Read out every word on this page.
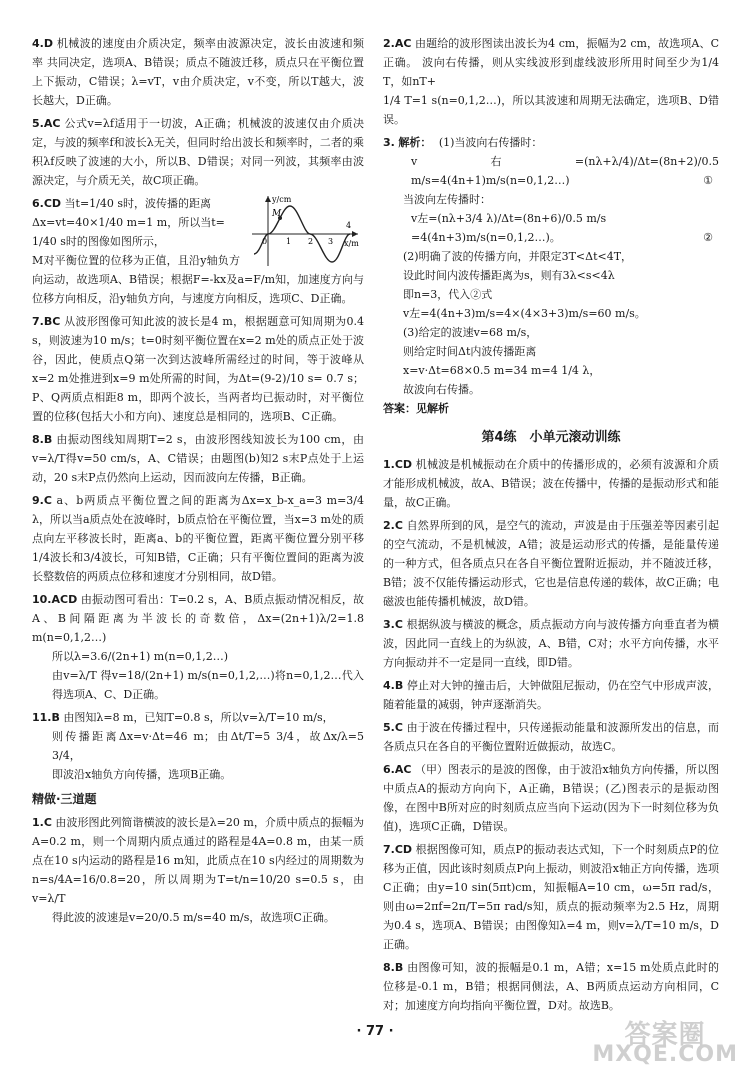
4.D 机械波的速度由介质决定，频率由波源决定，波长由波速和频率 共同决定，选项A、B错误；质点不随波迁移，质点只在平衡位置上下振动，C错误；λ=vT，v由介质决定，v不变，所以T越大，波长越大，D正确。
5.AC 公式v=λf适用于一切波，A正确；机械波的波速仅由介质决定，与波的频率f和波长λ无关，但同时给出波长和频率时，二者的乘积λf反映了波速的大小，所以B、D错误；对同一列波，其频率由波源决定，与介质无关，故C项正确。
M
y/cm
x/m
0 1 2 3
4
6.CD 当t=1/40 s时，波传播的距离
Δx=vt=40×1/40 m=1 m，所以当t=
1/40 s时的图像如图所示，
M对平衡位置的位移为正值，且沿y轴负方向运动，故选项A、B错误；根据F=-kx及a=F/m知，加速度方向与位移方向相反，沿y轴负方向，与速度方向相反，选项C、D正确。
7.BC 从波形图像可知此波的波长是4 m，根据题意可知周期为0.4 s，则波速为10 m/s；t=0时刻平衡位置在x=2 m处的质点正处于波谷，因此，使质点Q第一次到达波峰所需经过的时间，等于波峰从x=2 m处推进到x=9 m处所需的时间，为Δt=(9-2)/10 s= 0.7 s；P、Q两质点相距8 m，即两个波长，当两者均已振动时，对平衡位置的位移(包括大小和方向)、速度总是相同的，选项B、C正确。
8.B 由振动图线知周期T=2 s，由波形图线知波长为100 cm，由v=λ/T得v=50 cm/s，A、C错误；由题图(b)知2 s末P点处于上运动，20 s末P点仍然向上运动，因而波向左传播，B正确。
9.C a、b两质点平衡位置之间的距离为Δx=x_b-x_a=3 m=3/4 λ，所以当a质点处在波峰时，b质点恰在平衡位置，当x=3 m处的质点向左平移波长时，距离a、b的平衡位置，距离平衡位置分别平移1/4波长和3/4波长，可知B错，C正确；只有平衡位置间的距离为波长整数倍的两质点位移和速度才分别相同，故D错。
10.ACD 由振动图可看出：T=0.2 s，A、B质点振动情况相反，故A、B间隔距离为半波长的奇数倍，Δx=(2n+1)λ/2=1.8 m(n=0,1,2…)
所以λ=3.6/(2n+1) m(n=0,1,2…)
由v=λ/T 得v=18/(2n+1) m/s(n=0,1,2,…)将n=0,1,2…代入得选项A、C、D正确。
11.B 由图知λ=8 m，已知T=0.8 s，所以v=λ/T=10 m/s，
则传播距离Δx=v·Δt=46 m；由Δt/T=5 3/4，故Δx/λ=5 3/4，
即波沿x轴负方向传播，选项B正确。
精做·三道题
1.C 由波形图此列简谐横波的波长是λ=20 m，介质中质点的振幅为A=0.2 m，则一个周期内质点通过的路程是4A=0.8 m，由某一质点在10 s内运动的路程是16 m知，此质点在10 s内经过的周期数为n=s/4A=16/0.8=20，所以周期为T=t/n=10/20 s=0.5 s，由v=λ/T
得此波的波速是v=20/0.5 m/s=40 m/s，故选项C正确。
2.AC 由题给的波形图读出波长为4 cm，振幅为2 cm，故选项A、C正确。 波向右传播，则从实线波形到虚线波形所用时间至少为1/4 T，如nT+
1/4 T=1 s(n=0,1,2…)，所以其波速和周期无法确定，选项B、D错误。
3. 解析： (1)当波向右传播时：
v右=(nλ+λ/4)/Δt=(8n+2)/0.5 m/s=4(4n+1)m/s(n=0,1,2…)	①
当波向左传播时：
v左=(nλ+3/4 λ)/Δt=(8n+6)/0.5 m/s
=4(4n+3)m/s(n=0,1,2…)。	②
(2)明确了波的传播方向，并限定3T<Δt<4T，
设此时间内波传播距离为s，则有3λ<s<4λ
即n=3，代入②式
v左=4(4n+3)m/s=4×(4×3+3)m/s=60 m/s。
(3)给定的波速v=68 m/s，
则给定时间Δt内波传播距离
x=v·Δt=68×0.5 m=34 m=4 1/4 λ，
故波向右传播。
答案：见解析
第4练　小单元滚动训练
1.CD 机械波是机械振动在介质中的传播形成的，必须有波源和介质才能形成机械波，故A、B错误；波在传播中，传播的是振动形式和能量，故C正确。
2.C 自然界所到的风，是空气的流动，声波是由于压强差等因素引起的空气流动，不是机械波，A错；波是运动形式的传播，是能量传递的一种方式，但各质点只在各自平衡位置附近振动，并不随波迁移，B错；波不仅能传播运动形式，它也是信息传递的载体，故C正确；电磁波也能传播机械波，故D错。
3.C 根据纵波与横波的概念，质点振动方向与波传播方向垂直者为横波，因此同一直线上的为纵波，A、B错，C对；水平方向传播，水平方向振动并不一定是同一直线，即D错。
4.B 停止对大钟的撞击后，大钟做阻尼振动，仍在空气中形成声波，随着能量的减弱，钟声逐渐消失。
5.C 由于波在传播过程中，只传递振动能量和波源所发出的信息，而各质点只在各自的平衡位置附近做振动，故选C。
6.AC （甲）图表示的是波的图像，由于波沿x轴负方向传播，所以图中质点A的振动方向向下，A正确，B错误；(乙)图表示的是振动图像，在图中B所对应的时刻质点应当向下运动(因为下一时刻位移为负值)，选项C正确，D错误。
7.CD 根据图像可知，质点P的振动表达式知，下一个时刻质点P的位移为正值，因此该时刻质点P向上振动，则波沿x轴正方向传播，选项C正确；由y=10 sin(5πt)cm，知振幅A=10 cm，ω=5π rad/s，则由ω=2πf=2π/T=5π rad/s知，质点的振动频率为2.5 Hz，周期为0.4 s，选项A、B错误；由图像知λ=4 m，则v=λ/T=10 m/s，D正确。
8.B 由图像可知，波的振幅是0.1 m，A错；x=15 m处质点此时的位移是-0.1 m，B错；根据同侧法，A、B两质点运动方向相同，C对；加速度方向均指向平衡位置，D对。故选B。
· 77 ·	答案圈
MXQE.COM
